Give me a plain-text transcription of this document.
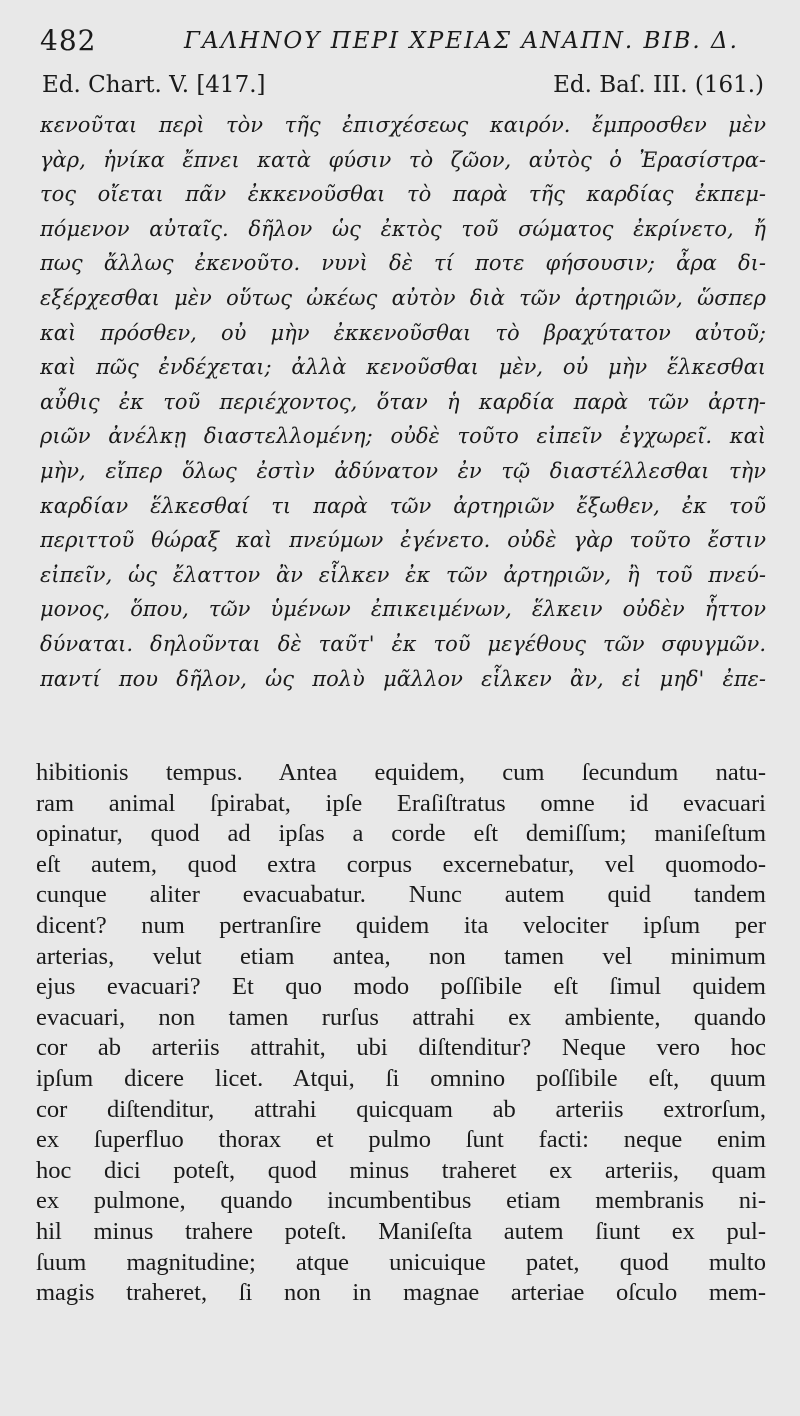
482	ΓΑΛΗΝΟΥ ΠΕΡΙ ΧΡΕΙΑΣ ΑΝΑΠΝ. ΒΙΒ. Δ.
Ed. Chart. V. [417.]	Ed. Baſ. III. (161.)
κενοῦται περὶ τὸν τῆς ἐπισχέσεως καιρόν. ἔμπροσθεν μὲν
γὰρ, ἡνίκα ἔπνει κατὰ φύσιν τὸ ζῶον, αὐτὸς ὁ Ἐρασίστρα-
τος οἴεται πᾶν ἐκκενοῦσθαι τὸ παρὰ τῆς καρδίας ἐκπεμ-
πόμενον αὐταῖς. δῆλον ὡς ἐκτὸς τοῦ σώματος ἐκρίνετο, ἤ
πως ἄλλως ἐκενοῦτο. νυνὶ δὲ τί ποτε φήσουσιν; ἆρα δι-
εξέρχεσθαι μὲν οὕτως ὠκέως αὐτὸν διὰ τῶν ἀρτηριῶν, ὥσπερ
καὶ πρόσθεν, οὐ μὴν ἐκκενοῦσθαι τὸ βραχύτατον αὐτοῦ;
καὶ πῶς ἐνδέχεται; ἀλλὰ κενοῦσθαι μὲν, οὐ μὴν ἕλκεσθαι
αὖθις ἐκ τοῦ περιέχοντος, ὅταν ἡ καρδία παρὰ τῶν ἀρτη-
ριῶν ἀνέλκῃ διαστελλομένη; οὐδὲ τοῦτο εἰπεῖν ἐγχωρεῖ. καὶ
μὴν, εἴπερ ὅλως ἐστὶν ἀδύνατον ἐν τῷ διαστέλλεσθαι τὴν
καρδίαν ἕλκεσθαί τι παρὰ τῶν ἀρτηριῶν ἔξωθεν, ἐκ τοῦ
περιττοῦ θώραξ καὶ πνεύμων ἐγένετο. οὐδὲ γὰρ τοῦτο ἔστιν
εἰπεῖν, ὡς ἔλαττον ἂν εἷλκεν ἐκ τῶν ἀρτηριῶν, ἢ τοῦ πνεύ-
μονος, ὅπου, τῶν ὑμένων ἐπικειμένων, ἕλκειν οὐδὲν ἧττον
δύναται. δηλοῦνται δὲ ταῦτ' ἐκ τοῦ μεγέθους τῶν σφυγμῶν.
παντί που δῆλον, ὡς πολὺ μᾶλλον εἷλκεν ἂν, εἰ μηδ' ἐπε-
hibitionis tempus. Antea equidem, cum ſecundum natu-
ram animal ſpirabat, ipſe Eraſiſtratus omne id evacuari
opinatur, quod ad ipſas a corde eſt demiſſum; maniſeſtum
eſt autem, quod extra corpus excernebatur, vel quomodo-
cunque aliter evacuabatur. Nunc autem quid tandem
dicent? num pertranſire quidem ita velociter ipſum per
arterias, velut etiam antea, non tamen vel minimum
ejus evacuari? Et quo modo poſſibile eſt ſimul quidem
evacuari, non tamen rurſus attrahi ex ambiente, quando
cor ab arteriis attrahit, ubi diſtenditur? Neque vero hoc
ipſum dicere licet. Atqui, ſi omnino poſſibile eſt, quum
cor diſtenditur, attrahi quicquam ab arteriis extrorſum,
ex ſuperfluo thorax et pulmo ſunt facti: neque enim
hoc dici poteſt, quod minus traheret ex arteriis, quam
ex pulmone, quando incumbentibus etiam membranis ni-
hil minus trahere poteſt. Maniſeſta autem ſiunt ex pul-
ſuum magnitudine; atque unicuique patet, quod multo
magis traheret, ſi non in magnae arteriae oſculo mem-
